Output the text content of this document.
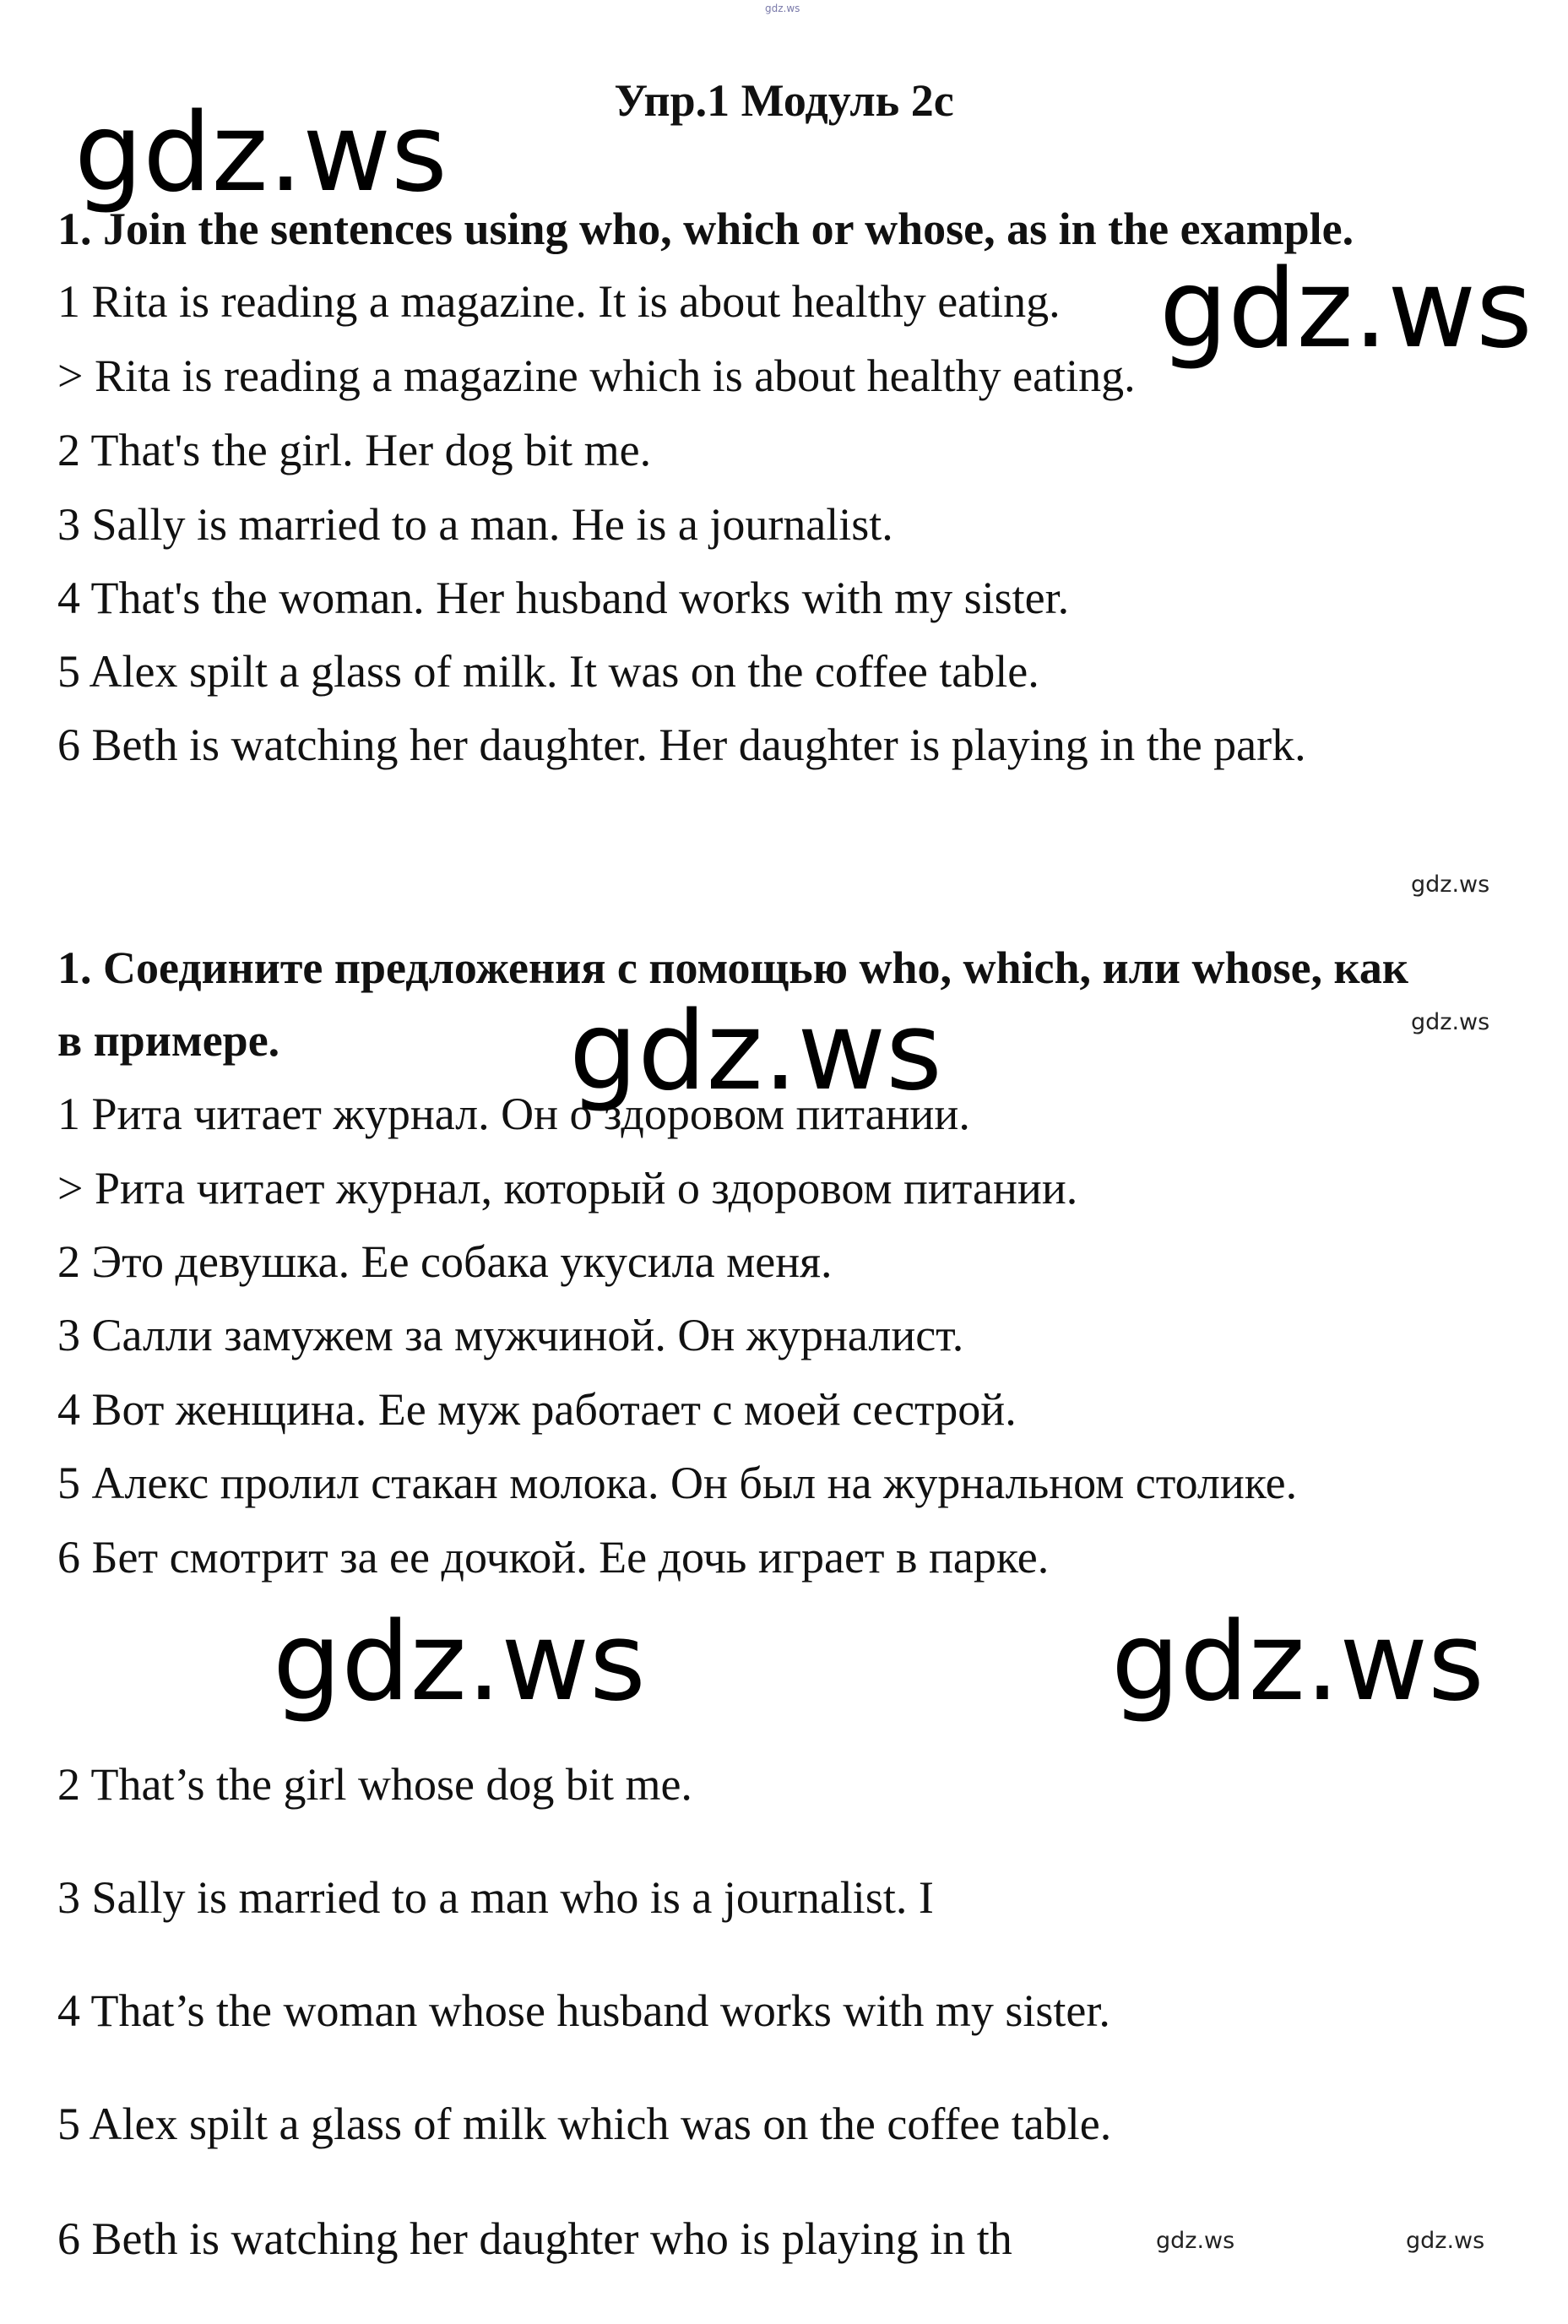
gdz.ws
Упр.1 Модуль 2с
1. Join the sentences using who, which or whose, as in the example.
1 Rita is reading a magazine. It is about healthy eating.
> Rita is reading a magazine which is about healthy eating.
2 That's the girl. Her dog bit me.
3 Sally is married to a man. He is a journalist.
4 That's the woman. Her husband works with my sister.
5 Alex spilt a glass of milk. It was on the coffee table.
6 Beth is watching her daughter. Her daughter is playing in the park.
1. Соедините предложения с помощью who, which, или whose, как
в примере.
1 Рита читает журнал. Он о здоровом питании.
> Рита читает журнал, который о здоровом питании.
2 Это девушка. Ее собака укусила меня.
3 Салли замужем за мужчиной. Он журналист.
4 Вот женщина. Ее муж работает с моей сестрой.
5 Алекс пролил стакан молока. Он был на журнальном столике.
6 Бет смотрит за ее дочкой. Ее дочь играет в парке.
2 That’s the girl whose dog bit me.
3 Sally is married to a man who is a journalist. I
4 That’s the woman whose husband works with my sister.
5 Alex spilt a glass of milk which was on the coffee table.
6 Beth is watching her daughter who is playing in th
gdz.ws
gdz.ws
gdz.ws
gdz.ws	gdz.ws
gdz.ws
gdz.ws
gdz.ws	gdz.ws
